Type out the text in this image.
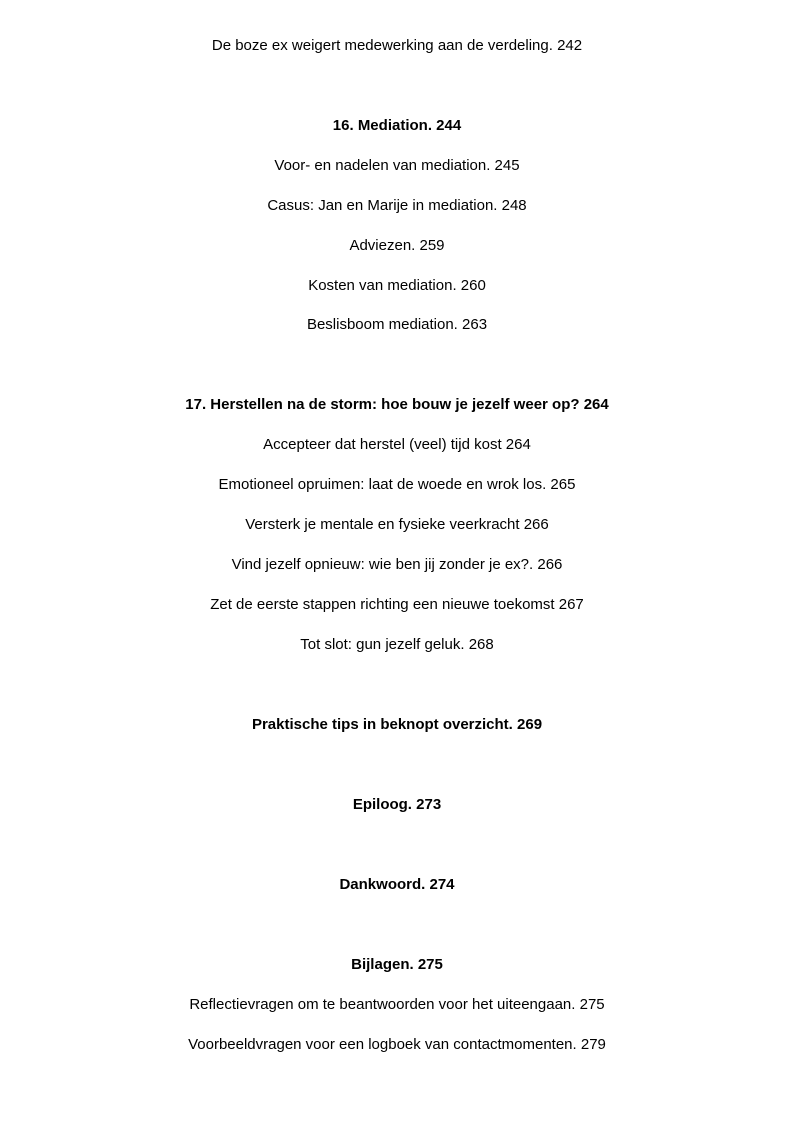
De boze ex weigert medewerking aan de verdeling. 242
16. Mediation. 244
Voor- en nadelen van mediation. 245
Casus: Jan en Marije in mediation. 248
Adviezen. 259
Kosten van mediation. 260
Beslisboom mediation. 263
17. Herstellen na de storm: hoe bouw je jezelf weer op? 264
Accepteer dat herstel (veel) tijd kost 264
Emotioneel opruimen: laat de woede en wrok los. 265
Versterk je mentale en fysieke veerkracht 266
Vind jezelf opnieuw: wie ben jij zonder je ex?. 266
Zet de eerste stappen richting een nieuwe toekomst 267
Tot slot: gun jezelf geluk. 268
Praktische tips in beknopt overzicht. 269
Epiloog. 273
Dankwoord. 274
Bijlagen. 275
Reflectievragen om te beantwoorden voor het uiteengaan. 275
Voorbeeldvragen voor een logboek van contactmomenten. 279
